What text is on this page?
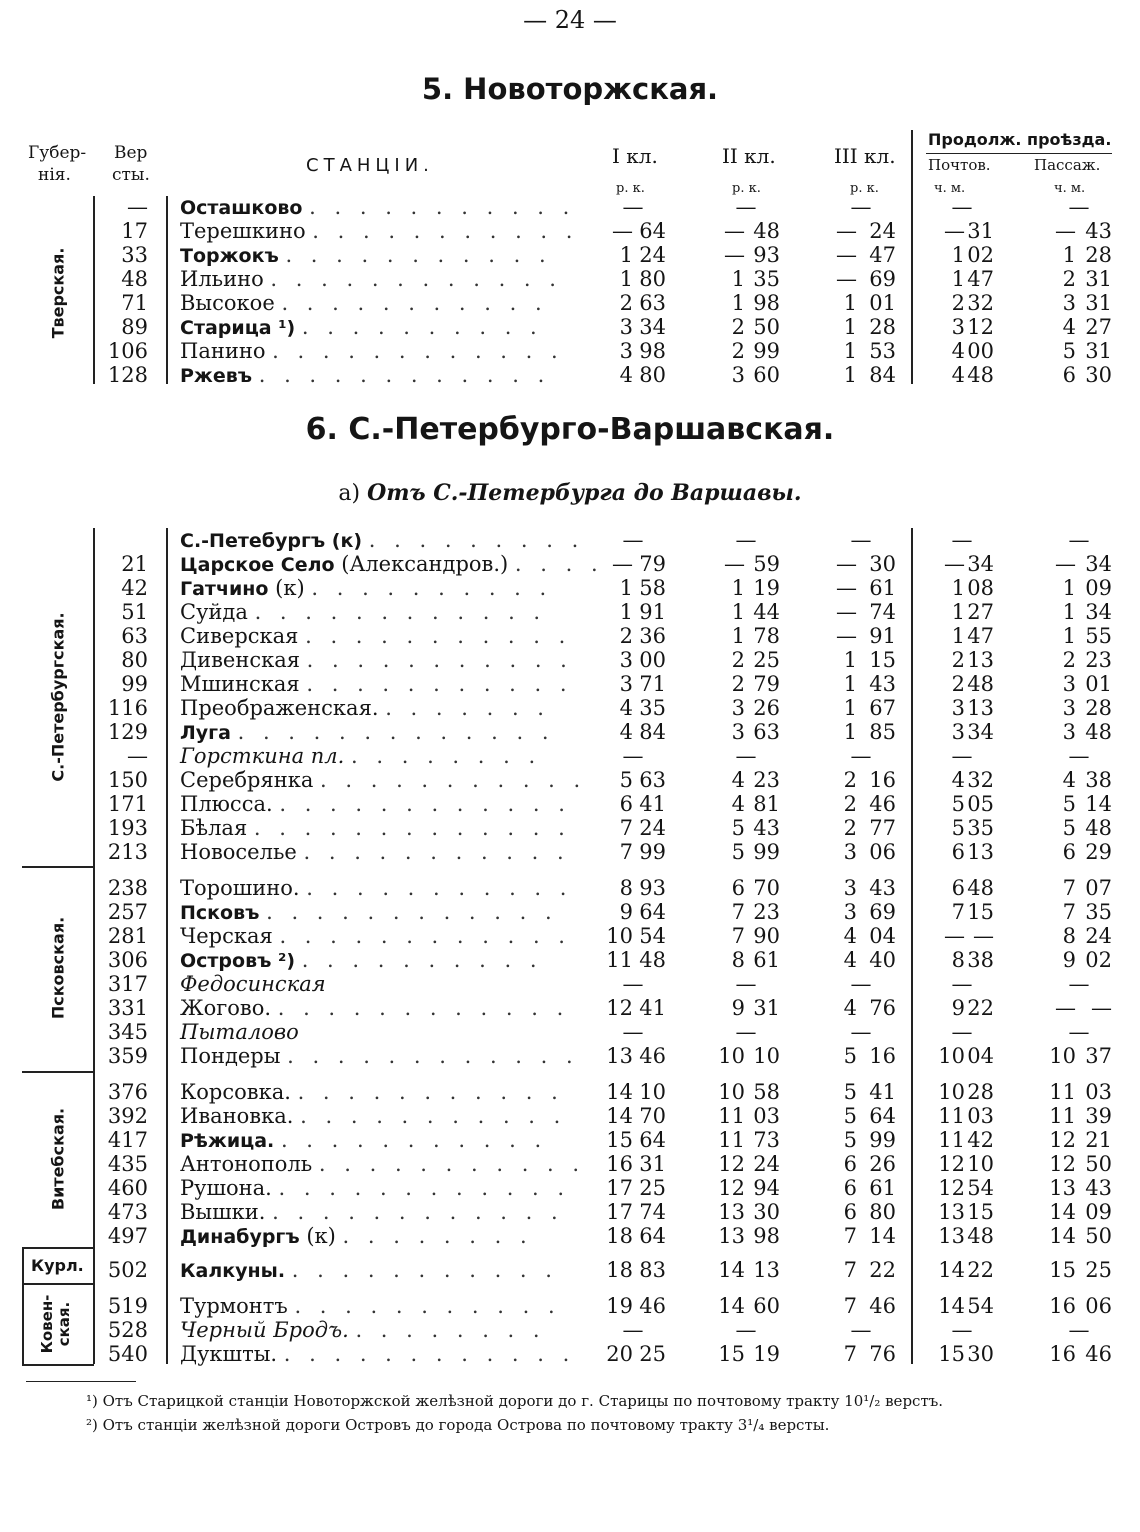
— 24 —
5. Новоторжская.
Губер-
нія.
Вер
сты.	СТАНЦІИ.	I кл.	II кл.	III кл.
Продолж. проѣзда.
Почтов.	Пассаж.
р. к.	р. к.	р. к.	ч. м.	ч. м.
Тверская.
— Осташково . . . . . . . . . . .	—	—	—	—	—
17 Терешкино . . . . . . . . . . .	— 64	— 48	— 24	— 31	— 43
33 Торжокъ . . . . . . . . . . .	1 24	— 93	— 47	1 02	1 28
48 Ильино . . . . . . . . . . . .	1 80	1 35	— 69	1 47	2 31
71 Высокое . . . . . . . . . . .	2 63	1 98	1 01	2 32	3 31
89 Старица ¹) . . . . . . . . . .	3 34	2 50	1 28	3 12	4 27
106 Панино . . . . . . . . . . . .	3 98	2 99	1 53	4 00	5 31
128 Ржевъ . . . . . . . . . . . .	4 80	3 60	1 84	4 48	6 30
6. С.-Петербурго-Варшавская.
а) Отъ С.-Петербурга до Варшавы.
С.-Петербургская.
Псковская.
Витебская.
Курл.
Ковен- ская.
С.-Петебургъ (к) . . . . . . . . .	—	—	—	—	—
21 Царское Село (Александров.) . . . . — 79	— 59	— 30	— 34	— 34
42 Гатчино (к) . . . . . . . . . .	1 58	1 19	— 61	1 08	1 09
51 Суйда . . . . . . . . . . . .	1 91	1 44	— 74	1 27	1 34
63 Сиверская . . . . . . . . . . .	2 36	1 78	— 91	1 47	1 55
80 Дивенская . . . . . . . . . . .	3 00	2 25	1 15	2 13	2 23
99 Мшинская . . . . . . . . . . .	3 71	2 79	1 43	2 48	3 01
116 Преображенская. . . . . . . .	4 35	3 26	1 67	3 13	3 28
129 Луга . . . . . . . . . . . . .	4 84	3 63	1 85	3 34	3 48
— Горсткина пл. . . . . . . . .	—	—	—	—	—
150 Серебрянка . . . . . . . . . . .	5 63	4 23	2 16	4 32	4 38
171 Плюсса. . . . . . . . . . . . .	6 41	4 81	2 46	5 05	5 14
193 Бѣлая . . . . . . . . . . . . .	7 24	5 43	2 77	5 35	5 48
213 Новоселье . . . . . . . . . . .	7 99	5 99	3 06	6 13	6 29
238 Торошино. . . . . . . . . . . .	8 93	6 70	3 43	6 48	7 07
257 Псковъ . . . . . . . . . . . .	9 64	7 23	3 69	7 15	7 35
281 Черская . . . . . . . . . . . .	10 54	7 90	4 04	— —	8 24
306 Островъ ²) . . . . . . . . . .	11 48	8 61	4 40	8 38	9 02
317 Федосинская	—	—	—	—	—
331 Жогово. . . . . . . . . . . . .	12 41	9 31	4 76	9 22	— —
345 Пыталово	—	—	—	—	—
359 Пондеры . . . . . . . . . . . .	13 46	10 10	5 16	10 04	10 37
376 Корсовка. . . . . . . . . . . .	14 10	10 58	5 41	10 28	11 03
392 Ивановка. . . . . . . . . . . .	14 70	11 03	5 64	11 03	11 39
417 Рѣжица. . . . . . . . . . . .	15 64	11 73	5 99	11 42	12 21
435 Антонополь . . . . . . . . . . .	16 31	12 24	6 26	12 10	12 50
460 Рушона. . . . . . . . . . . . .	17 25	12 94	6 61	12 54	13 43
473 Вышки. . . . . . . . . . . . .	17 74	13 30	6 80	13 15	14 09
497 Динабургъ (к) . . . . . . . .	18 64	13 98	7 14	13 48	14 50
502 Калкуны. . . . . . . . . . . .	18 83	14 13	7 22	14 22	15 25
519 Турмонтъ . . . . . . . . . . .	19 46	14 60	7 46	14 54	16 06
528 Черный Бродъ. . . . . . . . .	—	—	—	—	—
540 Дукшты. . . . . . . . . . . . .	20 25	15 19	7 76	15 30	16 46
¹) Отъ Старицкой станціи Новоторжской желѣзной дороги до г. Старицы по почтовому тракту 10¹/₂ верстъ.
²) Отъ станціи желѣзной дороги Островъ до города Острова по почтовому тракту 3¹/₄ версты.
